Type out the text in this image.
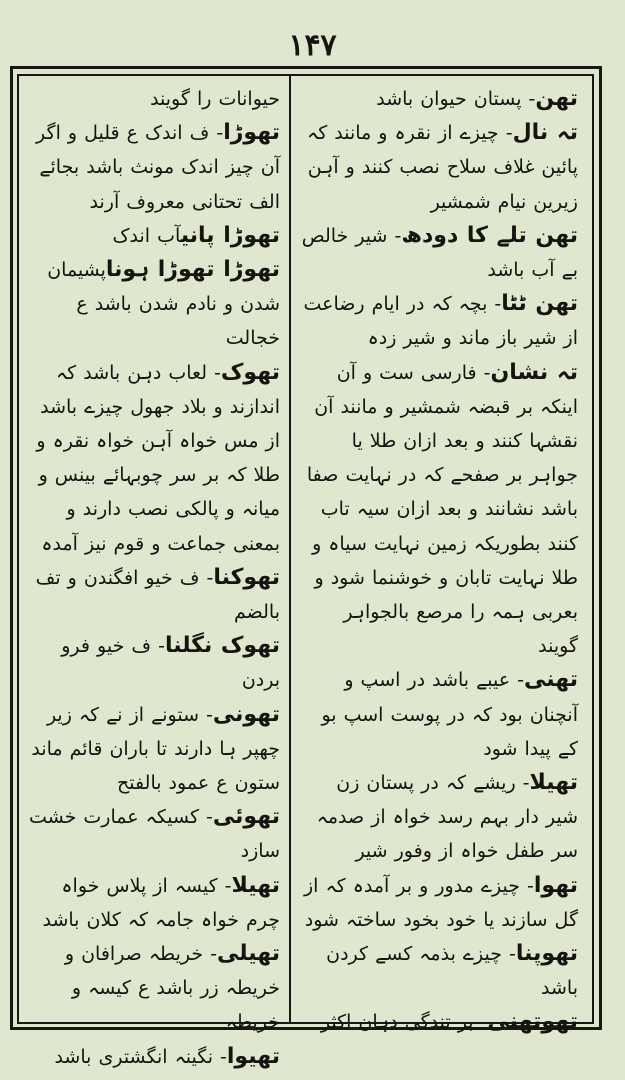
۱۴۷

تھن- پستان حیوان باشد

تہ نال- چیزے از نقرہ و مانند کہ پائین غلاف سلاح نصب کنند و آہن زیرین نیام شمشیر

تھن تلے کا دودھ- شیر خالص بے آب باشد

تھن ٹٹا- بچہ کہ در ایام رضاعت از شیر باز ماند و شیر زدہ

تہ نشان- فارسی ست و آن اینکہ بر قبضہ شمشیر و مانند آن نقشہا کنند و بعد ازان طلا یا جواہر بر صفحے کہ در نہایت صفا باشد نشانند و بعد ازان سیہ تاب کنند بطوریکہ زمین نہایت سیاہ و طلا نہایت تابان و خوشنما شود و بعربی ہمہ را مرصع بالجواہر گویند

تھنی- عیبے باشد در اسپ و آنچنان بود کہ در پوست اسپ بو کے پیدا شود

تھیلا- ریشے کہ در پستان زن شیر دار بہم رسد خواہ از صدمہ سر طفل خواہ از وفور شیر

تھوا- چیزے مدور و بر آمدہ کہ از گل سازند یا خود بخود ساختہ شود

تھوپنا- چیزے بذمہ کسے کردن باشد

تھوتھنی- بر تندگی دہان اکثر

حیوانات را گویند

تھوڑا- ف اندک ع قلیل و اگر آن چیز اندک مونث باشد بجائے الف تحتانی معروف آرند

تھوڑا پانیآب اندک

تھوڑا تھوڑا ہوناپشیمان شدن و نادم شدن باشد ع خجالت

تھوک- لعاب دہن باشد کہ اندازند و بلاد جھول چیزے باشد از مس خواہ آہن خواہ نقرہ و طلا کہ بر سر چوبہائے بینس و میانہ و پالکی نصب دارند و بمعنی جماعت و قوم نیز آمدہ

تھوکنا- ف خیو افگندن و تف بالضم

تھوک نگلنا- ف خیو فرو بردن

تھونی- ستونے از نے کہ زیر چھپر ہا دارند تا باران قائم ماند ستون ع عمود بالفتح

تھوئی- کسیکہ عمارت خشت سازد

تھیلا- کیسہ از پلاس خواہ چرم خواہ جامہ کہ کلان باشد

تھیلی- خریطہ صرافان و خریطہ زر باشد ع کیسہ و خریطہ

تھیوا- نگینہ انگشتری باشد
